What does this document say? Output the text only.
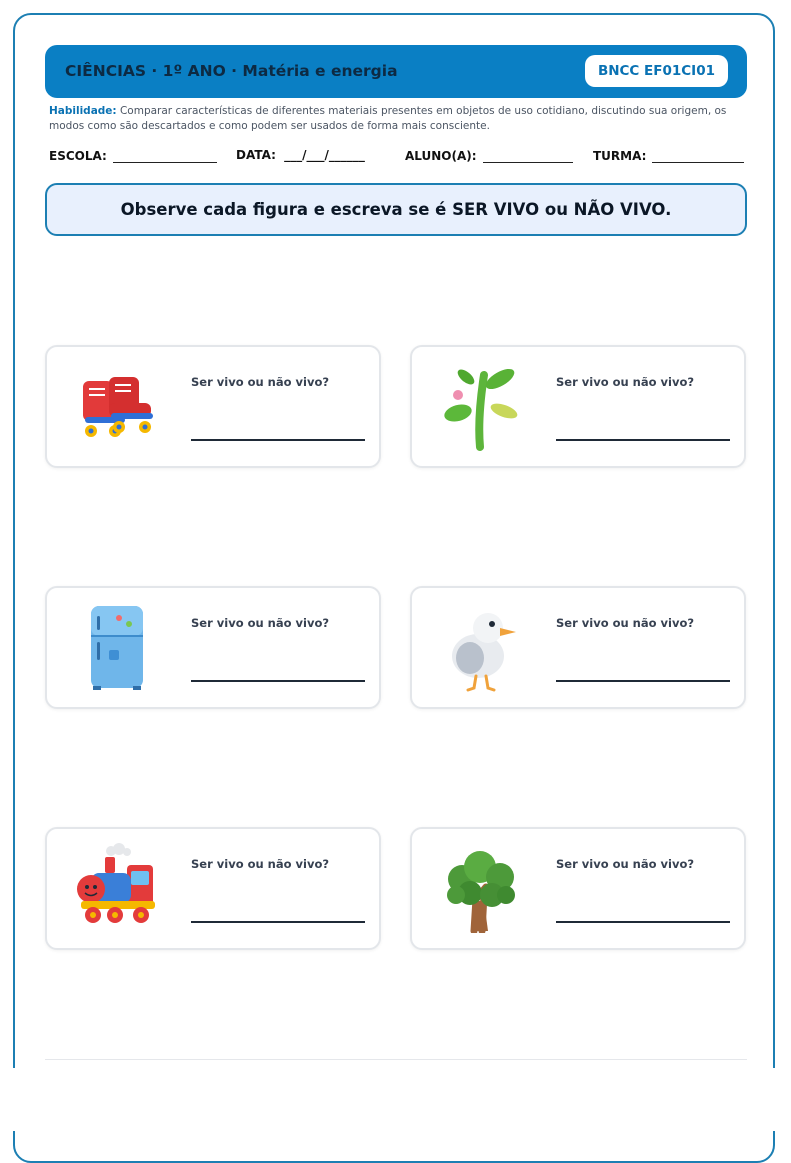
CIÊNCIAS · 1º ANO · Matéria e energia	BNCC EF01CI01
Habilidade: Comparar características de diferentes materiais presentes em objetos de uso cotidiano, discutindo sua origem, os modos como são descartados e como podem ser usados de forma mais consciente.
ESCOLA:	DATA: ___/___/______	ALUNO(A):	TURMA:
Observe cada figura e escreva se é SER VIVO ou NÃO VIVO.
Ser vivo ou não vivo?	Ser vivo ou não vivo?
Ser vivo ou não vivo?	Ser vivo ou não vivo?
Ser vivo ou não vivo?	Ser vivo ou não vivo?
